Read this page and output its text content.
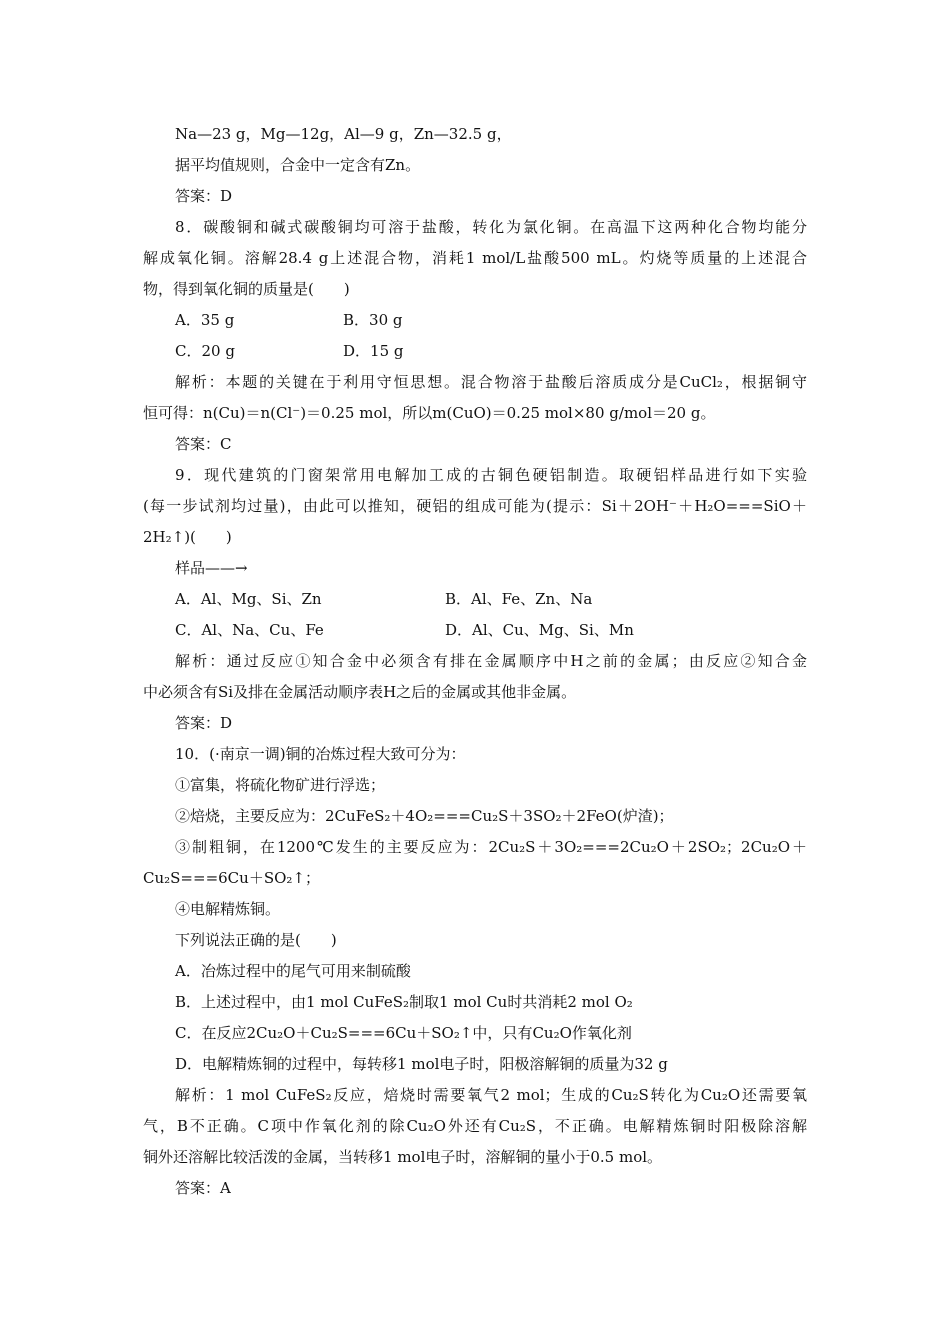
Na—23 g，Mg—12g，Al—9 g，Zn—32.5 g，
据平均值规则，合金中一定含有Zn。
答案：D
8．碳酸铜和碱式碳酸铜均可溶于盐酸，转化为氯化铜。在高温下这两种化合物均能分
解成氧化铜。溶解28.4 g上述混合物，消耗1 mol/L盐酸500 mL。灼烧等质量的上述混合
物，得到氧化铜的质量是(　　)
A．35 g	B．30 g
C．20 g	D．15 g
解析：本题的关键在于利用守恒思想。混合物溶于盐酸后溶质成分是CuCl₂，根据铜守
恒可得：n(Cu)＝n(Cl⁻)＝0.25 mol，所以m(CuO)＝0.25 mol×80 g/mol＝20 g。
答案：C
9．现代建筑的门窗架常用电解加工成的古铜色硬铝制造。取硬铝样品进行如下实验
(每一步试剂均过量)，由此可以推知，硬铝的组成可能为(提示：Si＋2OH⁻＋H₂O===SiO＋
2H₂↑)(　　)
样品——→
A．Al、Mg、Si、Zn	B．Al、Fe、Zn、Na
C．Al、Na、Cu、Fe	D．Al、Cu、Mg、Si、Mn
解析：通过反应①知合金中必须含有排在金属顺序中H之前的金属；由反应②知合金
中必须含有Si及排在金属活动顺序表H之后的金属或其他非金属。
答案：D
10．(·南京一调)铜的冶炼过程大致可分为：
①富集，将硫化物矿进行浮选；
②焙烧，主要反应为：2CuFeS₂＋4O₂===Cu₂S＋3SO₂＋2FeO(炉渣)；
③制粗铜，在1200℃发生的主要反应为：2Cu₂S＋3O₂===2Cu₂O＋2SO₂；2Cu₂O＋
Cu₂S===6Cu＋SO₂↑；
④电解精炼铜。
下列说法正确的是(　　)
A．冶炼过程中的尾气可用来制硫酸
B．上述过程中，由1 mol CuFeS₂制取1 mol Cu时共消耗2 mol O₂
C．在反应2Cu₂O＋Cu₂S===6Cu＋SO₂↑中，只有Cu₂O作氧化剂
D．电解精炼铜的过程中，每转移1 mol电子时，阳极溶解铜的质量为32 g
解析：1 mol CuFeS₂反应，焙烧时需要氧气2 mol；生成的Cu₂S转化为Cu₂O还需要氧
气，B不正确。C项中作氧化剂的除Cu₂O外还有Cu₂S，不正确。电解精炼铜时阳极除溶解
铜外还溶解比较活泼的金属，当转移1 mol电子时，溶解铜的量小于0.5 mol。
答案：A
